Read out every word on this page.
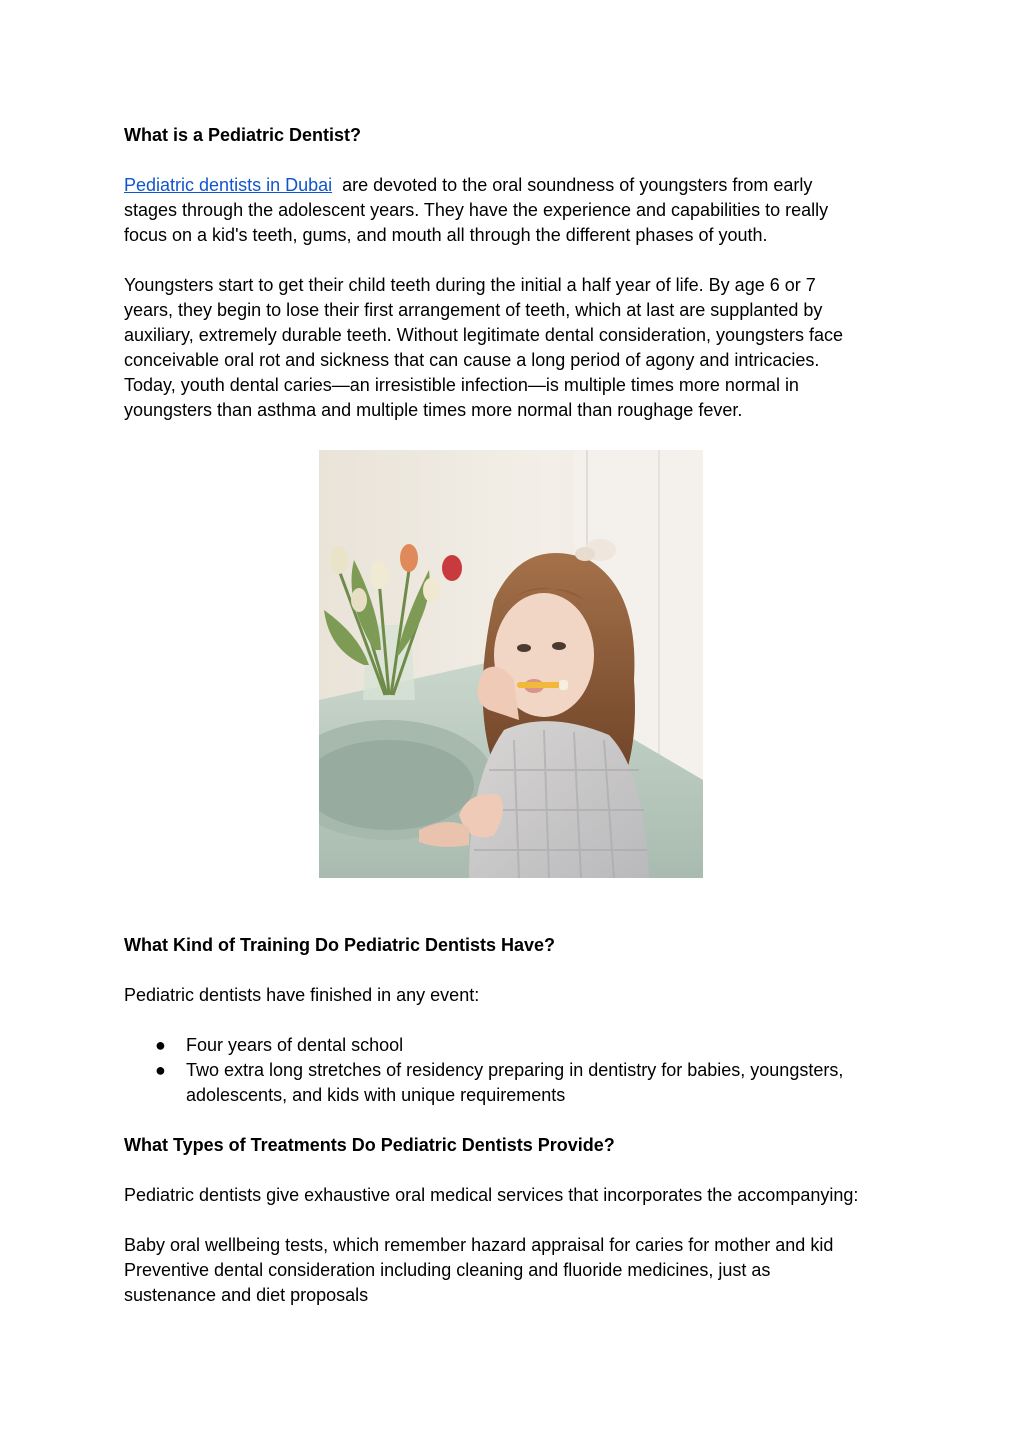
What is a Pediatric Dentist?

Pediatric dentists in Dubai  are devoted to the oral soundness of youngsters from early
stages through the adolescent years. They have the experience and capabilities to really
focus on a kid's teeth, gums, and mouth all through the different phases of youth.

Youngsters start to get their child teeth during the initial a half year of life. By age 6 or 7
years, they begin to lose their first arrangement of teeth, which at last are supplanted by
auxiliary, extremely durable teeth. Without legitimate dental consideration, youngsters face
conceivable oral rot and sickness that can cause a long period of agony and intricacies.
Today, youth dental caries—an irresistible infection—is multiple times more normal in
youngsters than asthma and multiple times more normal than roughage fever.

What Kind of Training Do Pediatric Dentists Have?

Pediatric dentists have finished in any event:

● Four years of dental school
● Two extra long stretches of residency preparing in dentistry for babies, youngsters,
adolescents, and kids with unique requirements
What Types of Treatments Do Pediatric Dentists Provide?

Pediatric dentists give exhaustive oral medical services that incorporates the accompanying:

Baby oral wellbeing tests, which remember hazard appraisal for caries for mother and kid
Preventive dental consideration including cleaning and fluoride medicines, just as
sustenance and diet proposals
